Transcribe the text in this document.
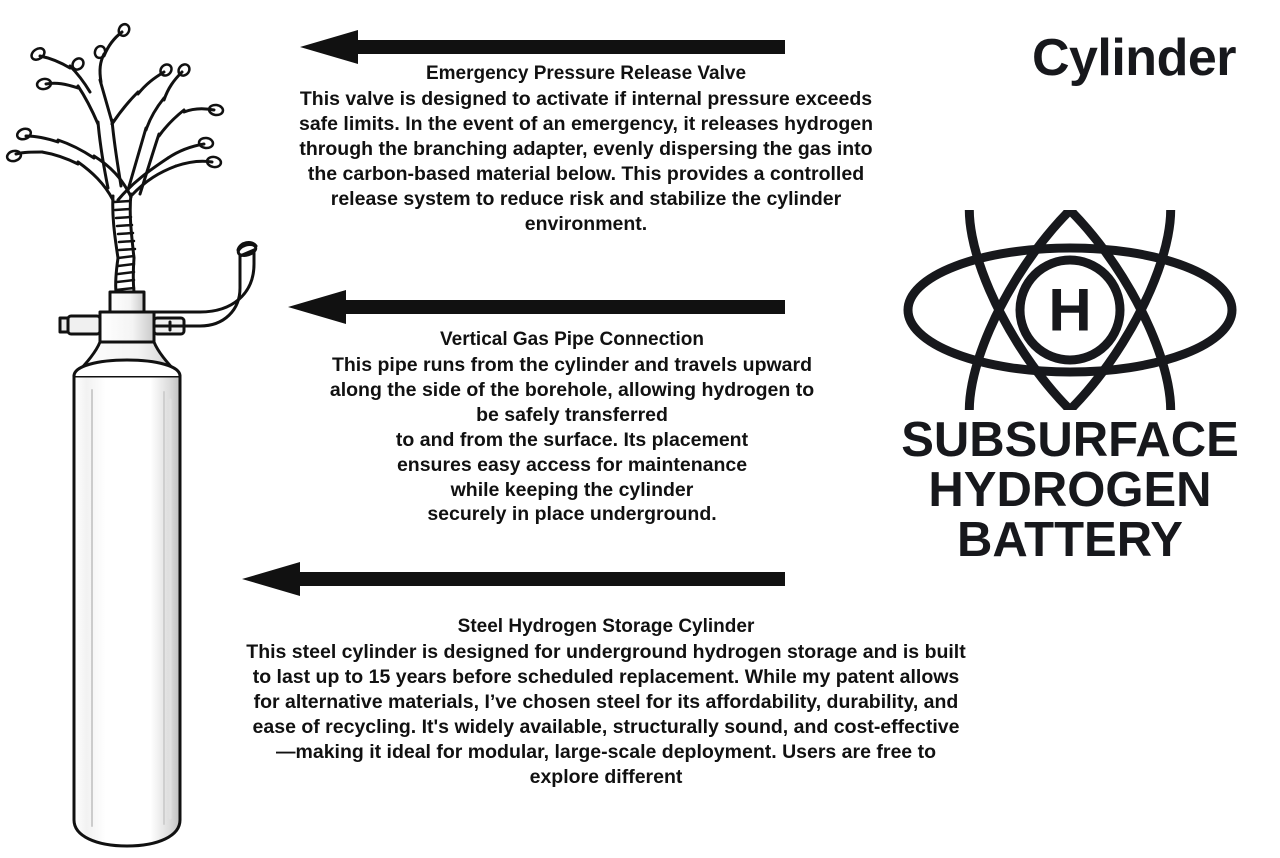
Emergency Pressure Release Valve

This valve is designed to activate if internal pressure exceeds safe limits. In the event of an emergency, it releases hydrogen through the branching adapter, evenly dispersing the gas into the carbon-based material below. This provides a controlled release system to reduce risk and stabilize the cylinder environment.

Vertical Gas Pipe Connection

This pipe runs from the cylinder and travels upward

along the side of the borehole, allowing hydrogen to

be safely transferred

to and from the surface. Its placement

ensures easy access for maintenance

while keeping the cylinder

securely in place underground.

Steel Hydrogen Storage Cylinder

This steel cylinder is designed for underground hydrogen storage and is built to last up to 15 years before scheduled replacement. While my patent allows for alternative materials, I’ve chosen steel for its affordability, durability, and ease of recycling. It's widely available, structurally sound, and cost-effective—making it ideal for modular, large-scale deployment. Users are free to explore different

Cylinder
H
SUBSURFACE
HYDROGEN
BATTERY
